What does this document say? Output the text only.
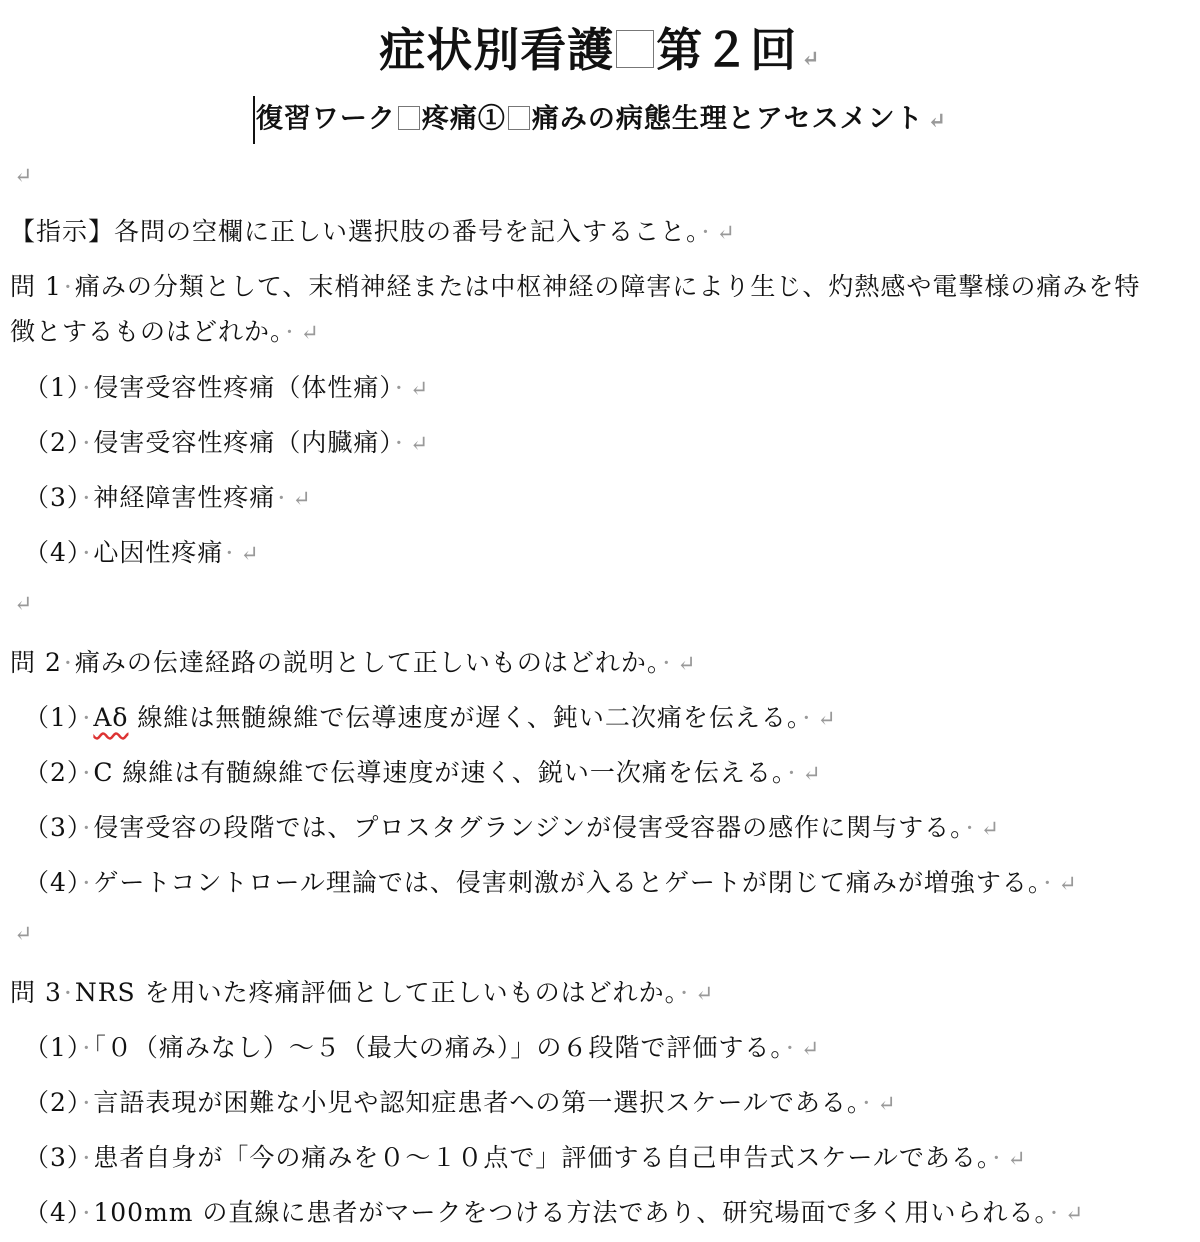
症状別看護 第２回 ↵
復習ワーク 疼痛① 痛みの病態生理とアセスメント ↵
↵
【指示】各問の空欄に正しい選択肢の番号を記入すること。· ↵
問 1·痛みの分類として、末梢神経または中枢神経の障害により生じ、灼熱感や電撃様の痛みを特
徴とするものはどれか。· ↵
（1）·侵害受容性疼痛（体性痛）· ↵
（2）·侵害受容性疼痛（内臓痛）· ↵
（3）·神経障害性疼痛· ↵
（4）·心因性疼痛· ↵
↵
問 2·痛みの伝達経路の説明として正しいものはどれか。· ↵
（1）·Aδ 線維は無髄線維で伝導速度が遅く、鈍い二次痛を伝える。· ↵
（2）·C 線維は有髄線維で伝導速度が速く、鋭い一次痛を伝える。· ↵
（3）·侵害受容の段階では、プロスタグランジンが侵害受容器の感作に関与する。· ↵
（4）·ゲートコントロール理論では、侵害刺激が入るとゲートが閉じて痛みが増強する。· ↵
↵
問 3·NRS を用いた疼痛評価として正しいものはどれか。· ↵
（1）·「０（痛みなし）～５（最大の痛み）」の６段階で評価する。· ↵
（2）·言語表現が困難な小児や認知症患者への第一選択スケールである。· ↵
（3）·患者自身が「今の痛みを０～１０点で」評価する自己申告式スケールである。· ↵
（4）·100mm の直線に患者がマークをつける方法であり、研究場面で多く用いられる。· ↵
